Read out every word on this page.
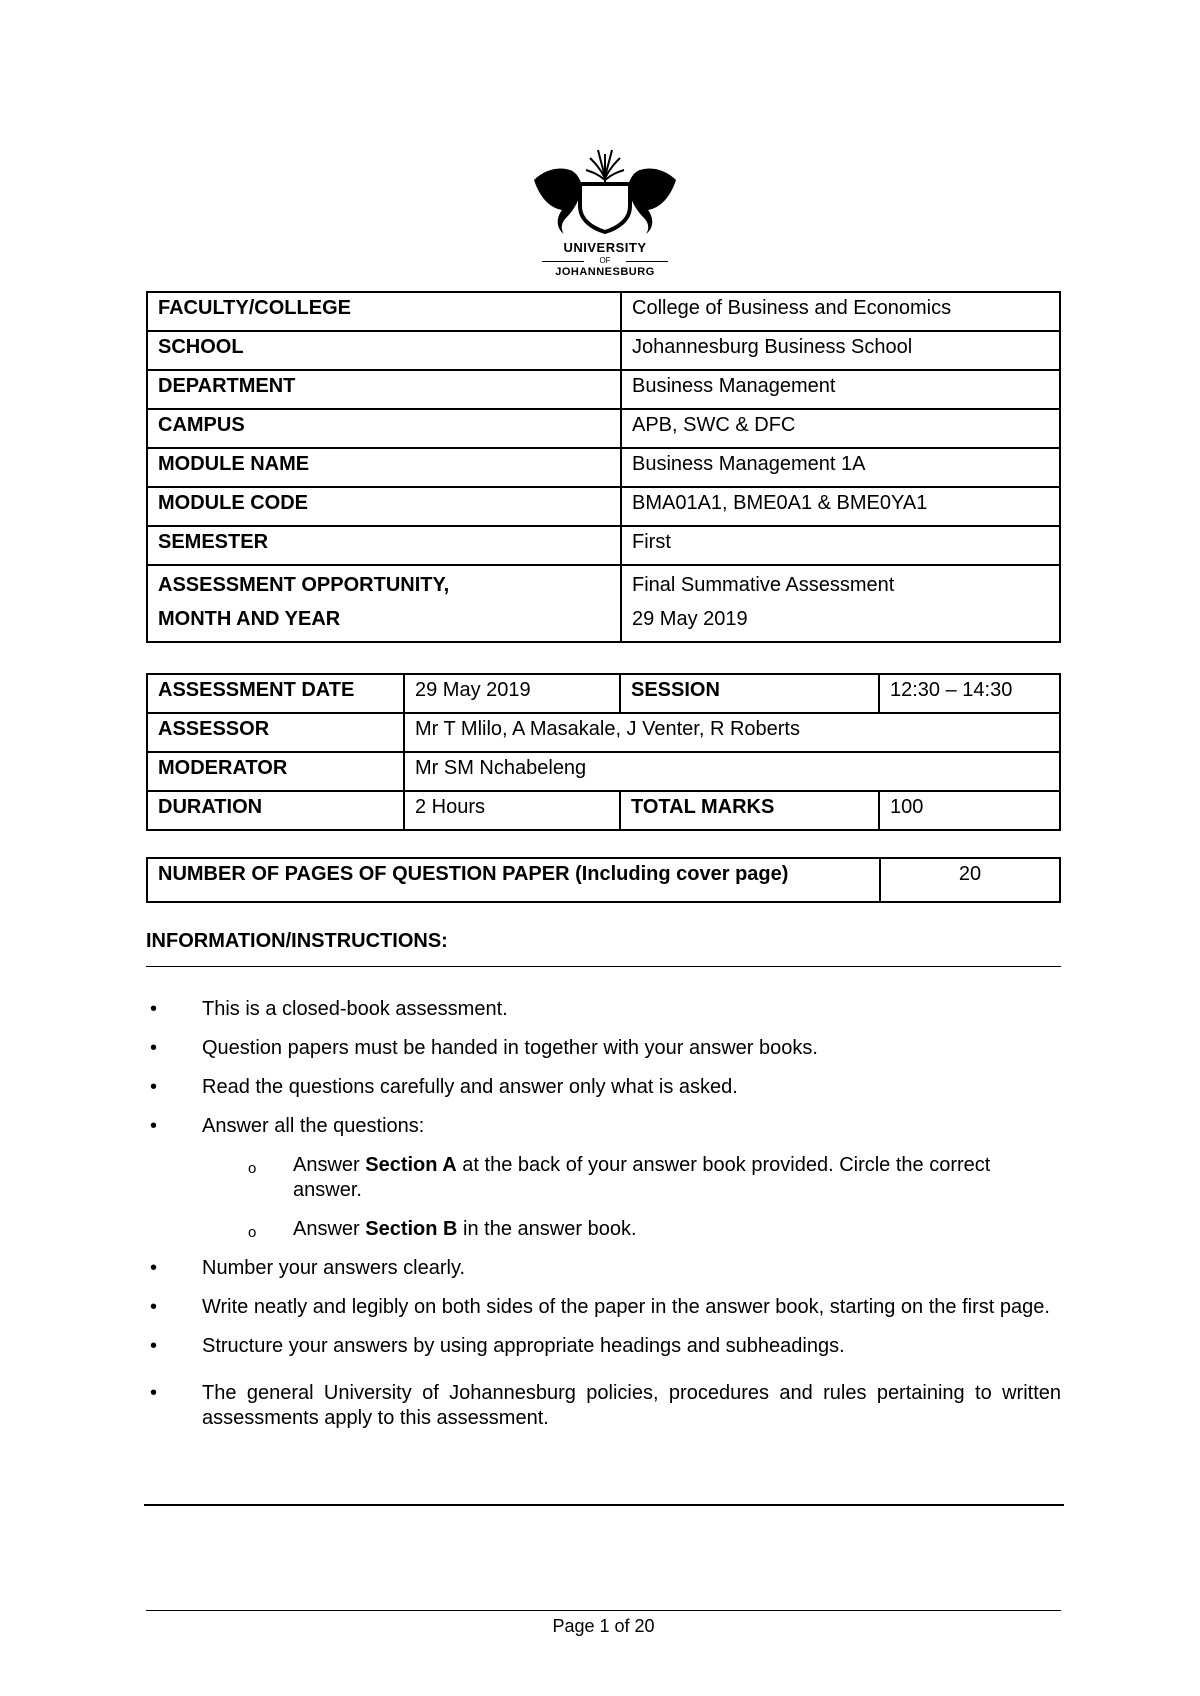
UNIVERSITY
OF
JOHANNESBURG
FACULTY/COLLEGE	College of Business and Economics
SCHOOL	Johannesburg Business School
DEPARTMENT	Business Management
CAMPUS	APB, SWC & DFC
MODULE NAME	Business Management 1A
MODULE CODE	BMA01A1, BME0A1 & BME0YA1
SEMESTER	First

ASSESSMENT OPPORTUNITY,
MONTH AND YEAR	Final Summative Assessment
29 May 2019
ASSESSMENT DATE	29 May 2019	SESSION	12:30 – 14:30
ASSESSOR	Mr T Mlilo, A Masakale, J Venter, R Roberts		
MODERATOR	Mr SM Nchabeleng		
DURATION	2 Hours	TOTAL MARKS	100
NUMBER OF PAGES OF QUESTION PAPER (Including cover page)	20
INFORMATION/INSTRUCTIONS:
• This is a closed-book assessment.
• Question papers must be handed in together with your answer books.
• Read the questions carefully and answer only what is asked.
• Answer all the questions:
o Answer Section A at the back of your answer book provided. Circle the correct answer.
o Answer Section B in the answer book.
• Number your answers clearly.
• Write neatly and legibly on both sides of the paper in the answer book, starting on the first page.
• Structure your answers by using appropriate headings and subheadings.
• The general University of Johannesburg policies, procedures and rules pertaining to written assessments apply to this assessment.
Page 1 of 20
